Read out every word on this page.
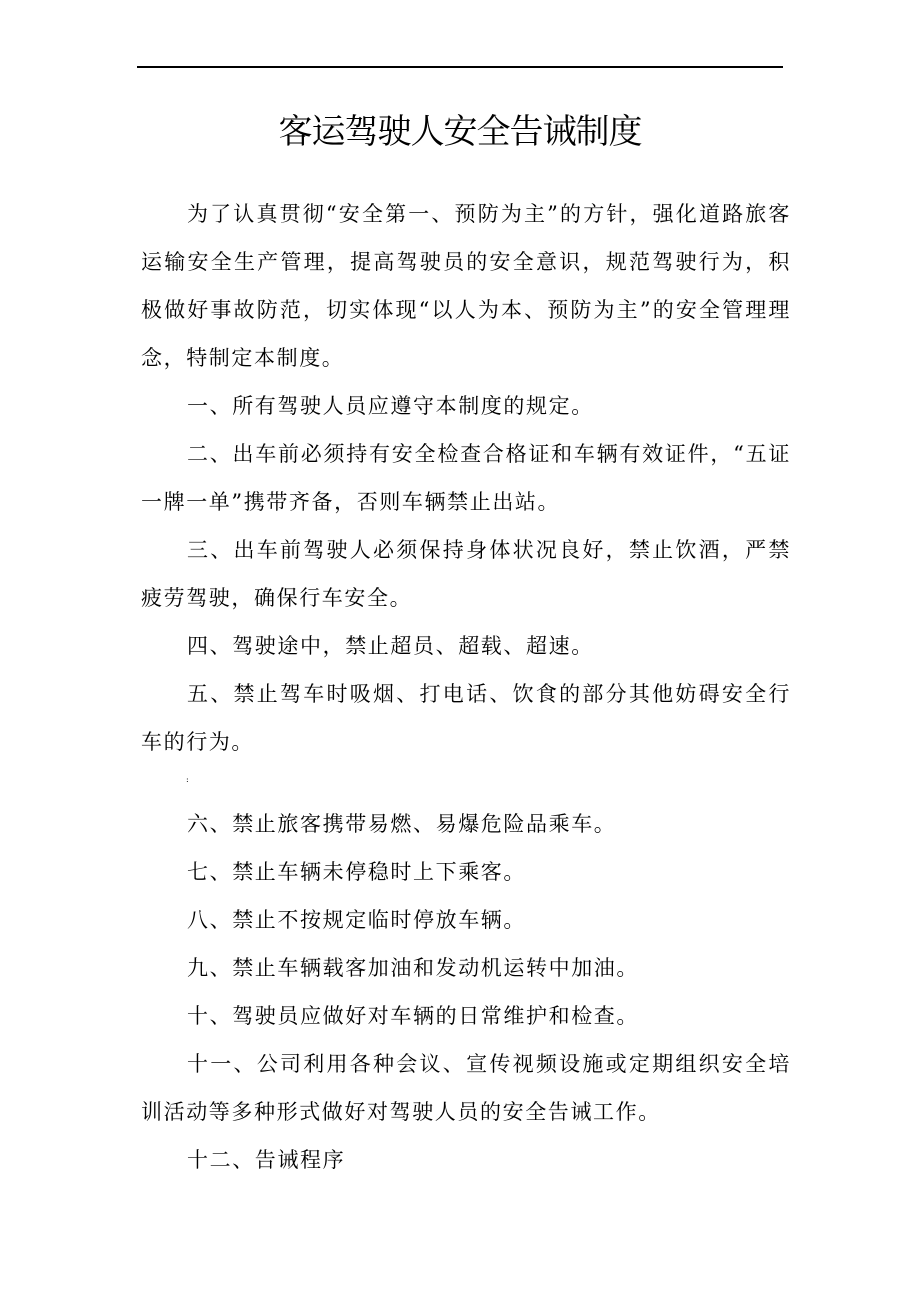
客运驾驶人安全告诫制度

为了认真贯彻“安全第一、预防为主”的方针，强化道路旅客运输安全生产管理，提高驾驶员的安全意识，规范驾驶行为，积极做好事故防范，切实体现“以人为本、预防为主”的安全管理理念，特制定本制度。

一、所有驾驶人员应遵守本制度的规定。

二、出车前必须持有安全检查合格证和车辆有效证件，“五证一牌一单”携带齐备，否则车辆禁止出站。

三、出车前驾驶人必须保持身体状况良好，禁止饮酒，严禁疲劳驾驶，确保行车安全。

四、驾驶途中，禁止超员、超载、超速。

五、禁止驾车时吸烟、打电话、饮食的部分其他妨碍安全行车的行为。

:

六、禁止旅客携带易燃、易爆危险品乘车。

七、禁止车辆未停稳时上下乘客。

八、禁止不按规定临时停放车辆。

九、禁止车辆载客加油和发动机运转中加油。

十、驾驶员应做好对车辆的日常维护和检查。

十一、公司利用各种会议、宣传视频设施或定期组织安全培训活动等多种形式做好对驾驶人员的安全告诫工作。

十二、告诫程序
